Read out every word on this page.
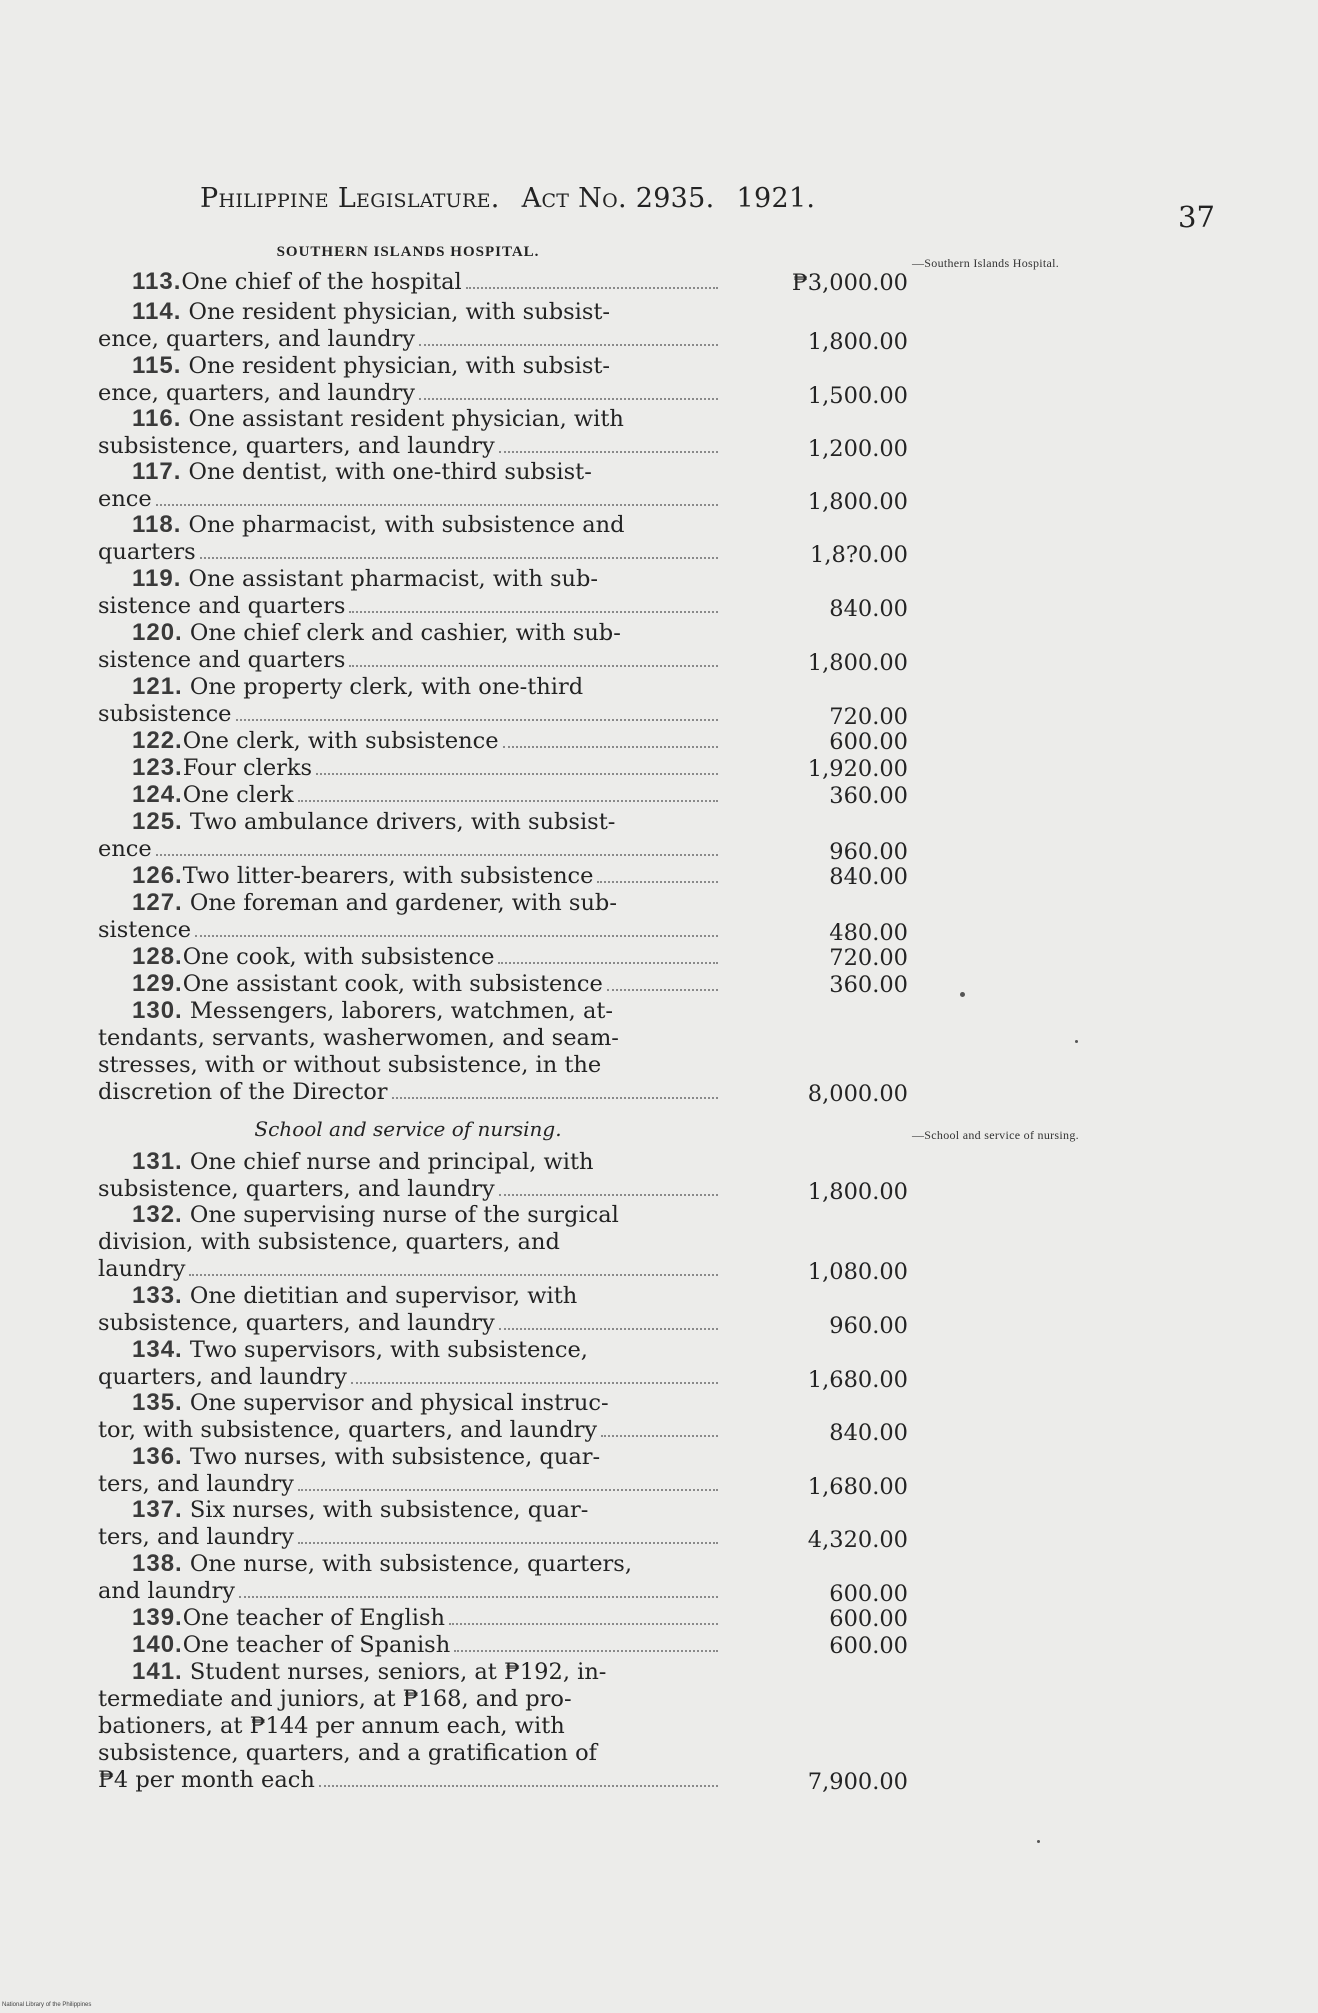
Philippine Legislature. Act No. 2935. 1921.
37
SOUTHERN ISLANDS HOSPITAL.
—Southern Islands Hospital.
School and service of nursing.	—School and service of nursing.
113. One chief of the hospital	₱3,000.00
114. One resident physician, with subsist-
ence, quarters, and laundry	1,800.00
115. One resident physician, with subsist-
ence, quarters, and laundry	1,500.00
116. One assistant resident physician, with
subsistence, quarters, and laundry	1,200.00
117. One dentist, with one-third subsist-
ence	1,800.00
118. One pharmacist, with subsistence and
quarters	1,8?0.00
119. One assistant pharmacist, with sub-
sistence and quarters	840.00
120. One chief clerk and cashier, with sub-
sistence and quarters	1,800.00
121. One property clerk, with one-third
subsistence	720.00
122. One clerk, with subsistence	600.00
123. Four clerks	1,920.00
124. One clerk	360.00
125. Two ambulance drivers, with subsist-
ence	960.00
126. Two litter-bearers, with subsistence	840.00
127. One foreman and gardener, with sub-
sistence	480.00
128. One cook, with subsistence	720.00
129. One assistant cook, with subsistence	360.00
130. Messengers, laborers, watchmen, at-
tendants, servants, washerwomen, and seam-
stresses, with or without subsistence, in the
discretion of the Director	8,000.00
131. One chief nurse and principal, with
subsistence, quarters, and laundry	1,800.00
132. One supervising nurse of the surgical
division, with subsistence, quarters, and
laundry	1,080.00
133. One dietitian and supervisor, with
subsistence, quarters, and laundry	960.00
134. Two supervisors, with subsistence,
quarters, and laundry	1,680.00
135. One supervisor and physical instruc-
tor, with subsistence, quarters, and laundry	840.00
136. Two nurses, with subsistence, quar-
ters, and laundry	1,680.00
137. Six nurses, with subsistence, quar-
ters, and laundry	4,320.00
138. One nurse, with subsistence, quarters,
and laundry	600.00
139. One teacher of English	600.00
140. One teacher of Spanish	600.00
141. Student nurses, seniors, at ₱192, in-
termediate and juniors, at ₱168, and pro-
bationers, at ₱144 per annum each, with
subsistence, quarters, and a gratification of
₱4 per month each	7,900.00
National Library of the Philippines
